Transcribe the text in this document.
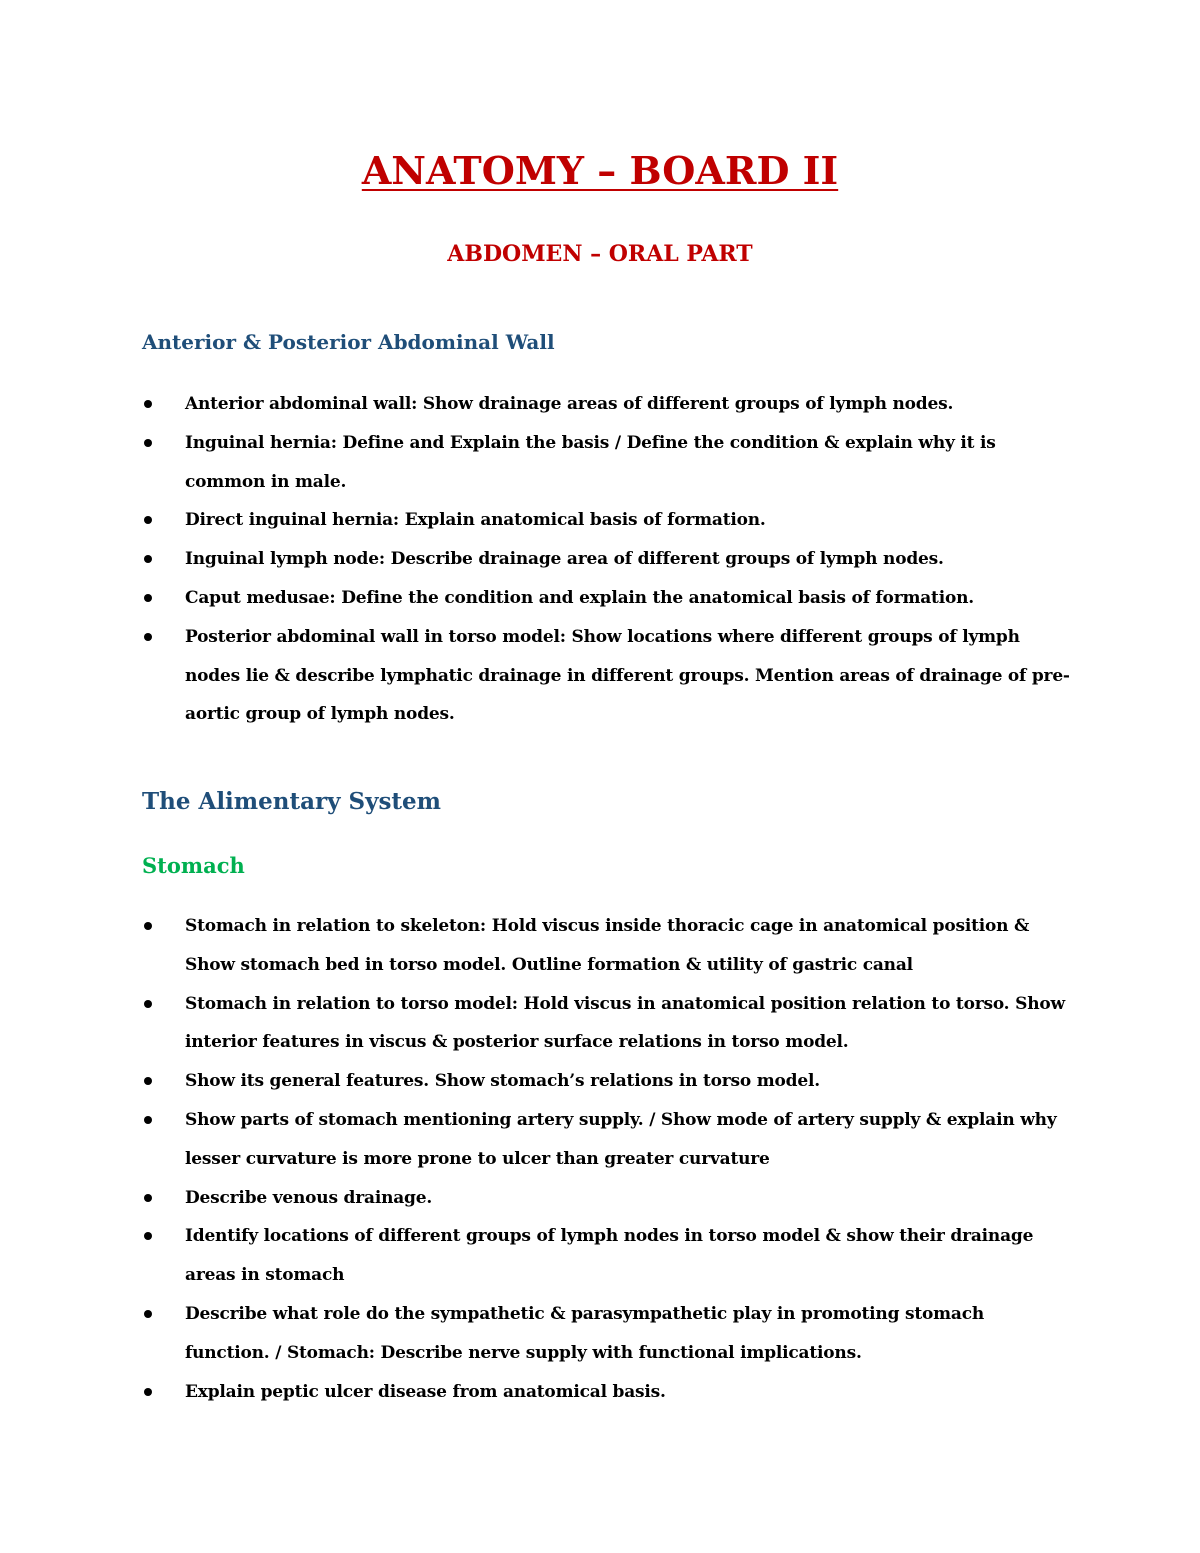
ANATOMY – BOARD II
ABDOMEN – ORAL PART
Anterior & Posterior Abdominal Wall
Anterior abdominal wall: Show drainage areas of different groups of lymph nodes.
Inguinal hernia: Define and Explain the basis / Define the condition & explain why it is common in male.
Direct inguinal hernia: Explain anatomical basis of formation.
Inguinal lymph node: Describe drainage area of different groups of lymph nodes.
Caput medusae: Define the condition and explain the anatomical basis of formation.
Posterior abdominal wall in torso model: Show locations where different groups of lymph nodes lie & describe lymphatic drainage in different groups. Mention areas of drainage of pre-aortic group of lymph nodes.
The Alimentary System
Stomach
Stomach in relation to skeleton: Hold viscus inside thoracic cage in anatomical position & Show stomach bed in torso model. Outline formation & utility of gastric canal
Stomach in relation to torso model: Hold viscus in anatomical position relation to torso. Show interior features in viscus & posterior surface relations in torso model.
Show its general features. Show stomach’s relations in torso model.
Show parts of stomach mentioning artery supply. / Show mode of artery supply & explain why lesser curvature is more prone to ulcer than greater curvature
Describe venous drainage.
Identify locations of different groups of lymph nodes in torso model & show their drainage areas in stomach
Describe what role do the sympathetic & parasympathetic play in promoting stomach function. / Stomach: Describe nerve supply with functional implications.
Explain peptic ulcer disease from anatomical basis.
